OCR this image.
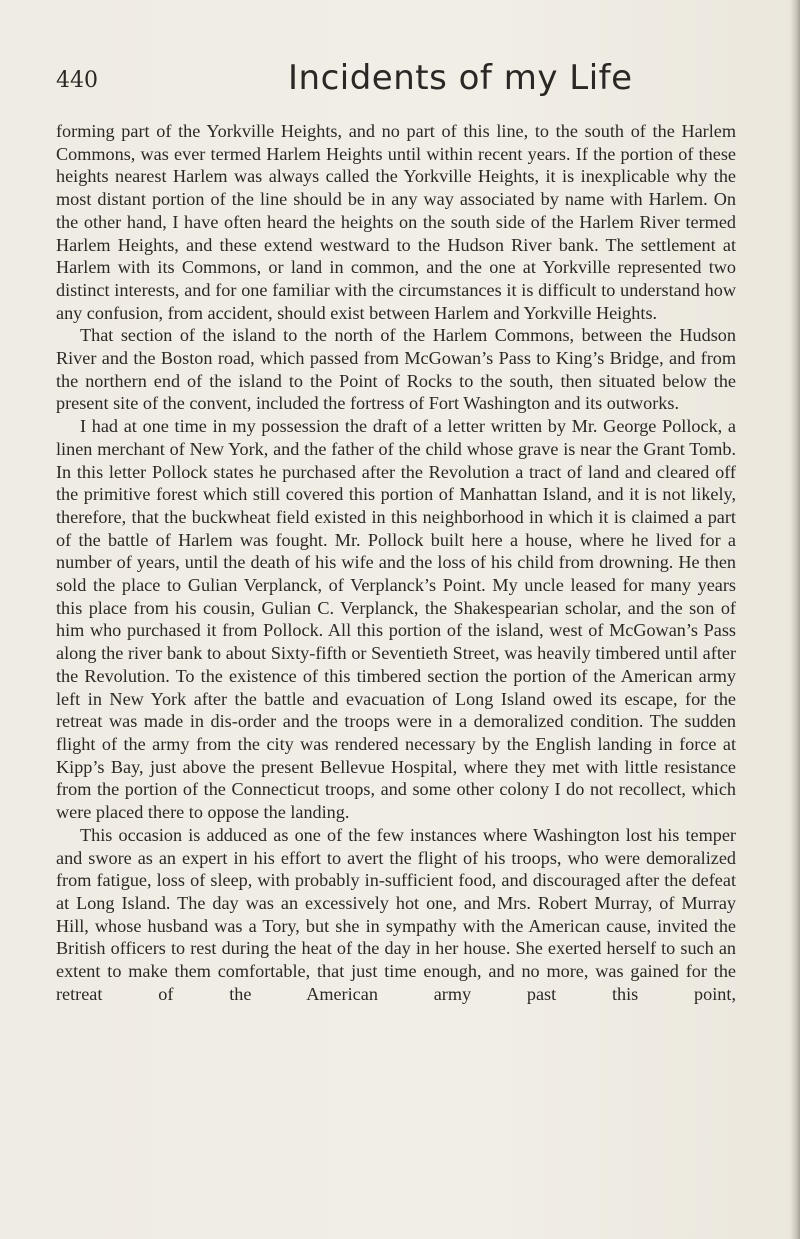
440	Incidents of my Life

forming part of the Yorkville Heights, and no part of this line, to the south of the Harlem Commons, was ever termed Harlem Heights until within recent years. If the portion of these heights nearest Harlem was always called the Yorkville Heights, it is inexplicable why the most distant portion of the line should be in any way associated by name with Harlem. On the other hand, I have often heard the heights on the south side of the Harlem River termed Harlem Heights, and these extend westward to the Hudson River bank. The settlement at Harlem with its Commons, or land in common, and the one at Yorkville represented two distinct interests, and for one familiar with the circumstances it is difficult to understand how any confusion, from accident, should exist between Harlem and Yorkville Heights.

That section of the island to the north of the Harlem Commons, between the Hudson River and the Boston road, which passed from McGowan’s Pass to King’s Bridge, and from the northern end of the island to the Point of Rocks to the south, then situated below the present site of the convent, included the fortress of Fort Washington and its outworks.

I had at one time in my possession the draft of a letter written by Mr. George Pollock, a linen merchant of New York, and the father of the child whose grave is near the Grant Tomb. In this letter Pollock states he purchased after the Revolution a tract of land and cleared off the primitive forest which still covered this portion of Manhattan Island, and it is not likely, therefore, that the buckwheat field existed in this neighborhood in which it is claimed a part of the battle of Harlem was fought. Mr. Pollock built here a house, where he lived for a number of years, until the death of his wife and the loss of his child from drowning. He then sold the place to Gulian Verplanck, of Verplanck’s Point. My uncle leased for many years this place from his cousin, Gulian C. Verplanck, the Shakespearian scholar, and the son of him who purchased it from Pollock. All this portion of the island, west of McGowan’s Pass along the river bank to about Sixty-fifth or Seventieth Street, was heavily timbered until after the Revolution. To the existence of this timbered section the portion of the American army left in New York after the battle and evacuation of Long Island owed its escape, for the retreat was made in dis-order and the troops were in a demoralized condition. The sudden flight of the army from the city was rendered necessary by the English landing in force at Kipp’s Bay, just above the present Bellevue Hospital, where they met with little resistance from the portion of the Connecticut troops, and some other colony I do not recollect, which were placed there to oppose the landing.

This occasion is adduced as one of the few instances where Washington lost his temper and swore as an expert in his effort to avert the flight of his troops, who were demoralized from fatigue, loss of sleep, with probably in-sufficient food, and discouraged after the defeat at Long Island. The day was an excessively hot one, and Mrs. Robert Murray, of Murray Hill, whose husband was a Tory, but she in sympathy with the American cause, invited the British officers to rest during the heat of the day in her house. She exerted herself to such an extent to make them comfortable, that just time enough, and no more, was gained for the retreat of the American army past this point,
